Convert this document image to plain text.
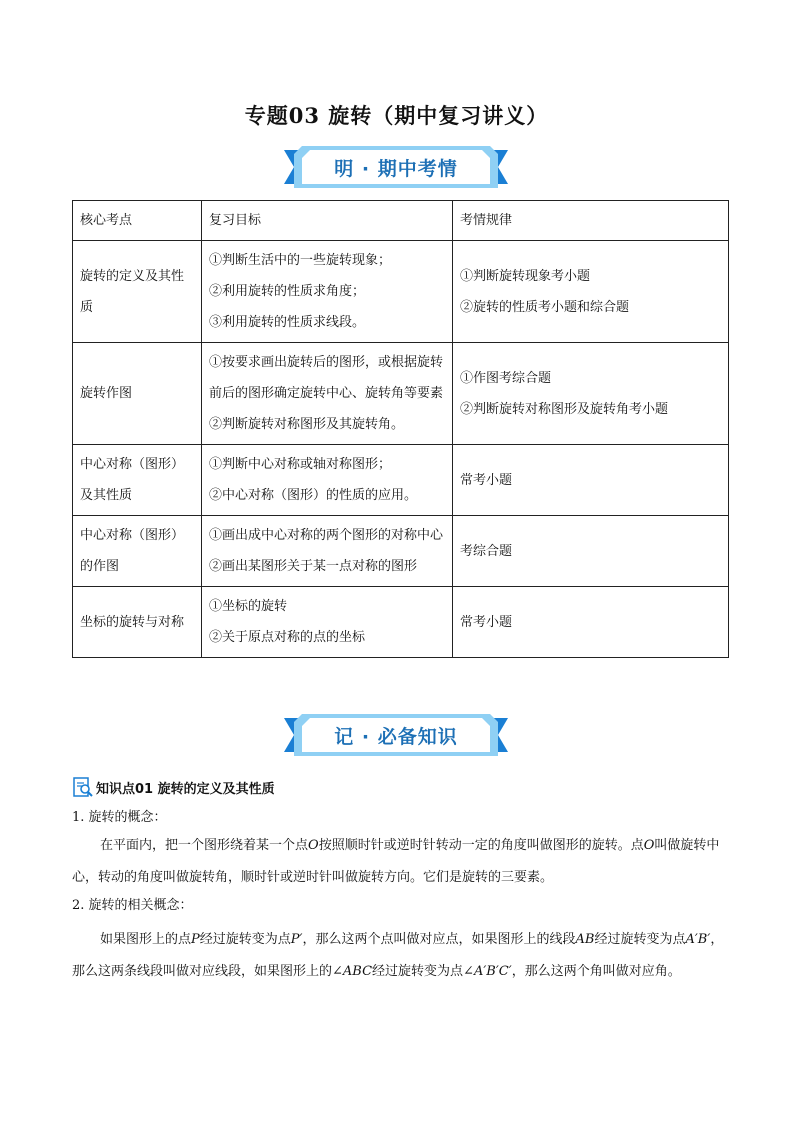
专题03 旋转（期中复习讲义）
明 · 期中考情
核心考点	复习目标	考情规律
旋转的定义及其性质	①判断生活中的一些旋转现象；
②利用旋转的性质求角度；
③利用旋转的性质求线段。	①判断旋转现象考小题
②旋转的性质考小题和综合题

旋转作图	①按要求画出旋转后的图形，或根据旋转前后的图形确定旋转中心、旋转角等要素
②判断旋转对称图形及其旋转角。	①作图考综合题
②判断旋转对称图形及旋转角考小题

中心对称（图形）及其性质	①判断中心对称或轴对称图形；
②中心对称（图形）的性质的应用。	常考小题

中心对称（图形）的作图	①画出成中心对称的两个图形的对称中心
②画出某图形关于某一点对称的图形	考综合题

坐标的旋转与对称	①坐标的旋转
②关于原点对称的点的坐标	常考小题
记 · 必备知识
知识点01 旋转的定义及其性质
1. 旋转的概念：
在平面内，把一个图形绕着某一个点O按照顺时针或逆时针转动一定的角度叫做图形的旋转。点O叫做旋转中心，转动的角度叫做旋转角，顺时针或逆时针叫做旋转方向。它们是旋转的三要素。
2. 旋转的相关概念：
如果图形上的点P经过旋转变为点P′，那么这两个点叫做对应点，如果图形上的线段AB经过旋转变为点A′B′，那么这两条线段叫做对应线段，如果图形上的∠ABC经过旋转变为点∠A′B′C′，那么这两个角叫做对应角。
